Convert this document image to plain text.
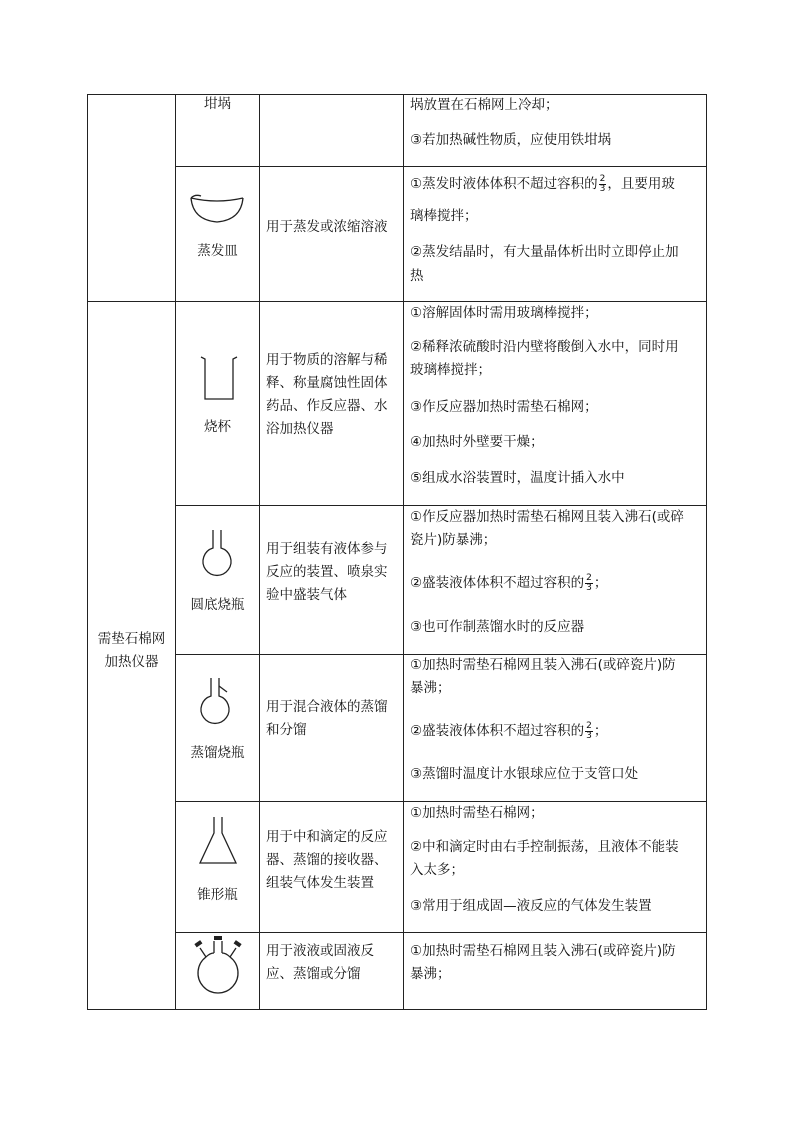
坩埚	埚放置在石棉网上冷却；
③若加热碱性物质，应使用铁坩埚
蒸发皿
用于蒸发或浓缩溶液
①蒸发时液体体积不超过容积的 $\frac{2}{3}$ ，且要用玻
璃棒搅拌；
②蒸发结晶时，有大量晶体析出时立即停止加
热
需垫石棉网
加热仪器
烧杯
用于物质的溶解与稀
释、称量腐蚀性固体
药品、作反应器、水
浴加热仪器
①溶解固体时需用玻璃棒搅拌；
②稀释浓硫酸时沿内壁将酸倒入水中，同时用
玻璃棒搅拌；
③作反应器加热时需垫石棉网；
④加热时外壁要干燥；
⑤组成水浴装置时，温度计插入水中
圆底烧瓶
用于组装有液体参与
反应的装置、喷泉实
验中盛装气体
①作反应器加热时需垫石棉网且装入沸石(或碎
瓷片)防暴沸；
②盛装液体体积不超过容积的 $\frac{2}{3}$ ；
③也可作制蒸馏水时的反应器
蒸馏烧瓶
用于混合液体的蒸馏
和分馏
①加热时需垫石棉网且装入沸石(或碎瓷片)防
暴沸；
②盛装液体体积不超过容积的 $\frac{2}{3}$ ；
③蒸馏时温度计水银球应位于支管口处
锥形瓶
用于中和滴定的反应
器、蒸馏的接收器、
组装气体发生装置
①加热时需垫石棉网；
②中和滴定时由右手控制振荡，且液体不能装
入太多；
③常用于组成固—液反应的气体发生装置
用于液液或固液反
应、蒸馏或分馏
①加热时需垫石棉网且装入沸石(或碎瓷片)防
暴沸；
